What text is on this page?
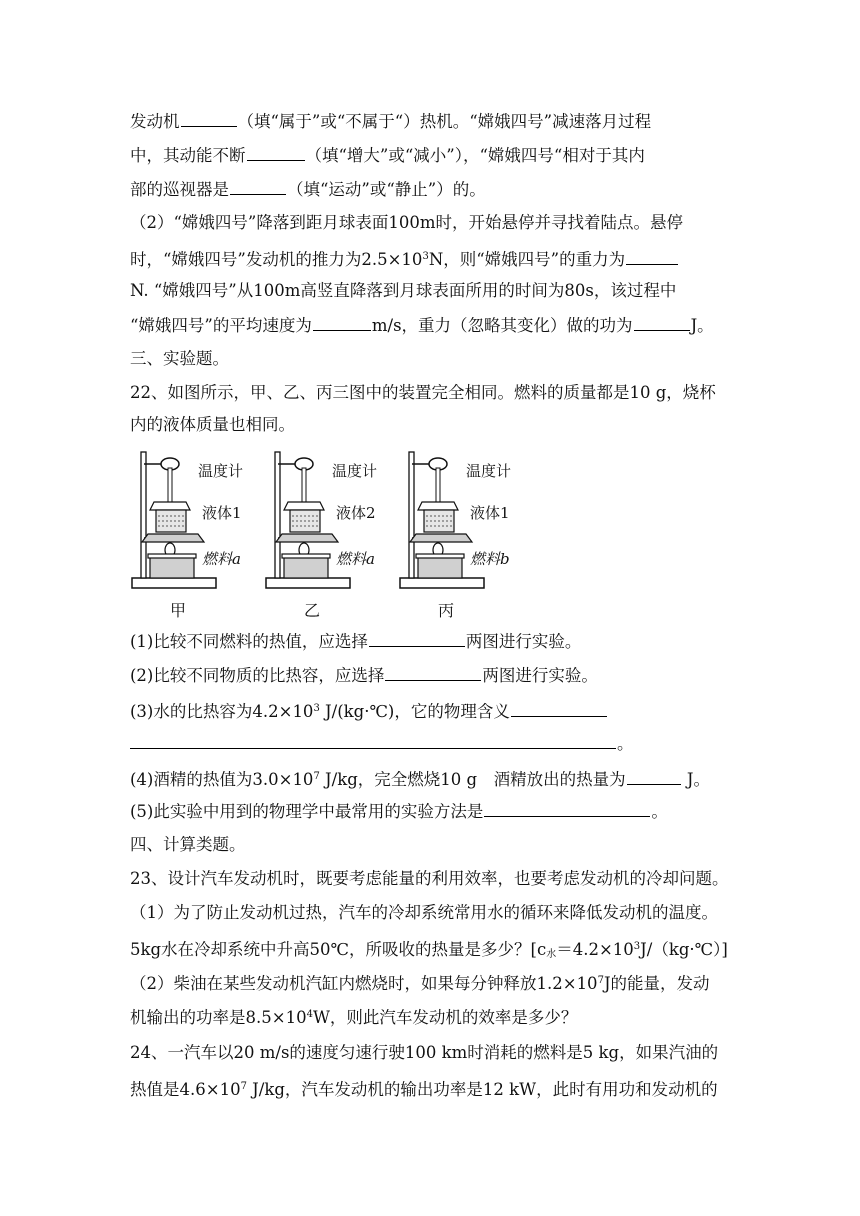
发动机	（填“属于”或“不属于“）热机。“嫦娥四号”减速落月过程
中，其动能不断	（填“增大”或“减小”），“嫦娥四号“相对于其内
部的巡视器是	（填“运动”或“静止”）的。
（2）“嫦娥四号”降落到距月球表面100m时，开始悬停并寻找着陆点。悬停
时，“嫦娥四号”发动机的推力为$2.5\times 10^3N$，则“嫦娥四号”的重力为
N. “嫦娥四号”从100m高竖直降落到月球表面所用的时间为80s，该过程中
“嫦娥四号”的平均速度为	m/s，重力（忽略其变化）做的功为	J。
三、实验题。
22、如图所示，甲、乙、丙三图中的装置完全相同。燃料的质量都是10 g，烧杯
内的液体质量也相同。
温度计
液体1
燃料a
温度计
液体2
燃料a
温度计
液体1
燃料b
甲	乙	丙
(1)比较不同燃料的热值，应选择	两图进行实验。
(2)比较不同物质的比热容，应选择	两图进行实验。
(3)水的比热容为$4.2\times 10^3$ J/(kg·℃)，它的物理含义
。
(4)酒精的热值为$3.0\times 10^7$ J/kg，完全燃烧10 g　酒精放出的热量为	J。
(5)此实验中用到的物理学中最常用的实验方法是	。
四、计算类题。
23、设计汽车发动机时，既要考虑能量的利用效率，也要考虑发动机的冷却问题。
（1）为了防止发动机过热，汽车的冷却系统常用水的循环来降低发动机的温度。
5kg水在冷却系统中升高50℃，所吸收的热量是多少？$[c_水=4.2\times 10^3J/(kg\cdot℃)]$
（2）柴油在某些发动机汽缸内燃烧时，如果每分钟释放$1.2\times 10^7J$的能量，发动
机输出的功率是$8.5\times 10^4W$，则此汽车发动机的效率是多少？
24、一汽车以20 m/s的速度匀速行驶100 km时消耗的燃料是5 kg，如果汽油的
热值是$4.6\times 10^7$ J/kg，汽车发动机的输出功率是12 kW，此时有用功和发动机的
